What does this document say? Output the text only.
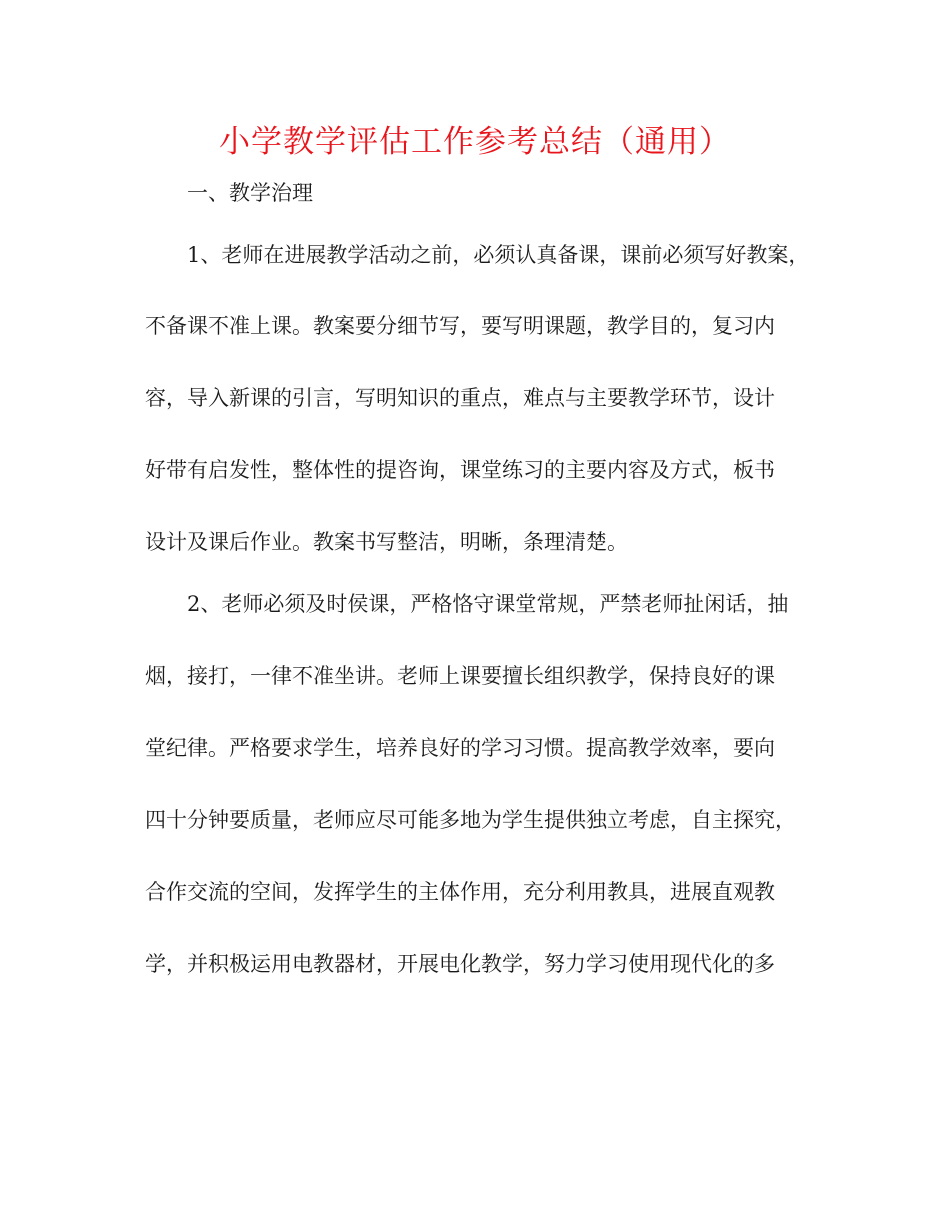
小学教学评估工作参考总结（通用）
一、教学治理
1、老师在进展教学活动之前，必须认真备课，课前必须写好教案，
不备课不准上课。教案要分细节写，要写明课题，教学目的，复习内
容，导入新课的引言，写明知识的重点，难点与主要教学环节，设计
好带有启发性，整体性的提咨询，课堂练习的主要内容及方式，板书
设计及课后作业。教案书写整洁，明晰，条理清楚。
2、老师必须及时侯课，严格恪守课堂常规，严禁老师扯闲话，抽
烟，接打，一律不准坐讲。老师上课要擅长组织教学，保持良好的课
堂纪律。严格要求学生，培养良好的学习习惯。提高教学效率，要向
四十分钟要质量，老师应尽可能多地为学生提供独立考虑，自主探究，
合作交流的空间，发挥学生的主体作用，充分利用教具，进展直观教
学，并积极运用电教器材，开展电化教学，努力学习使用现代化的多
